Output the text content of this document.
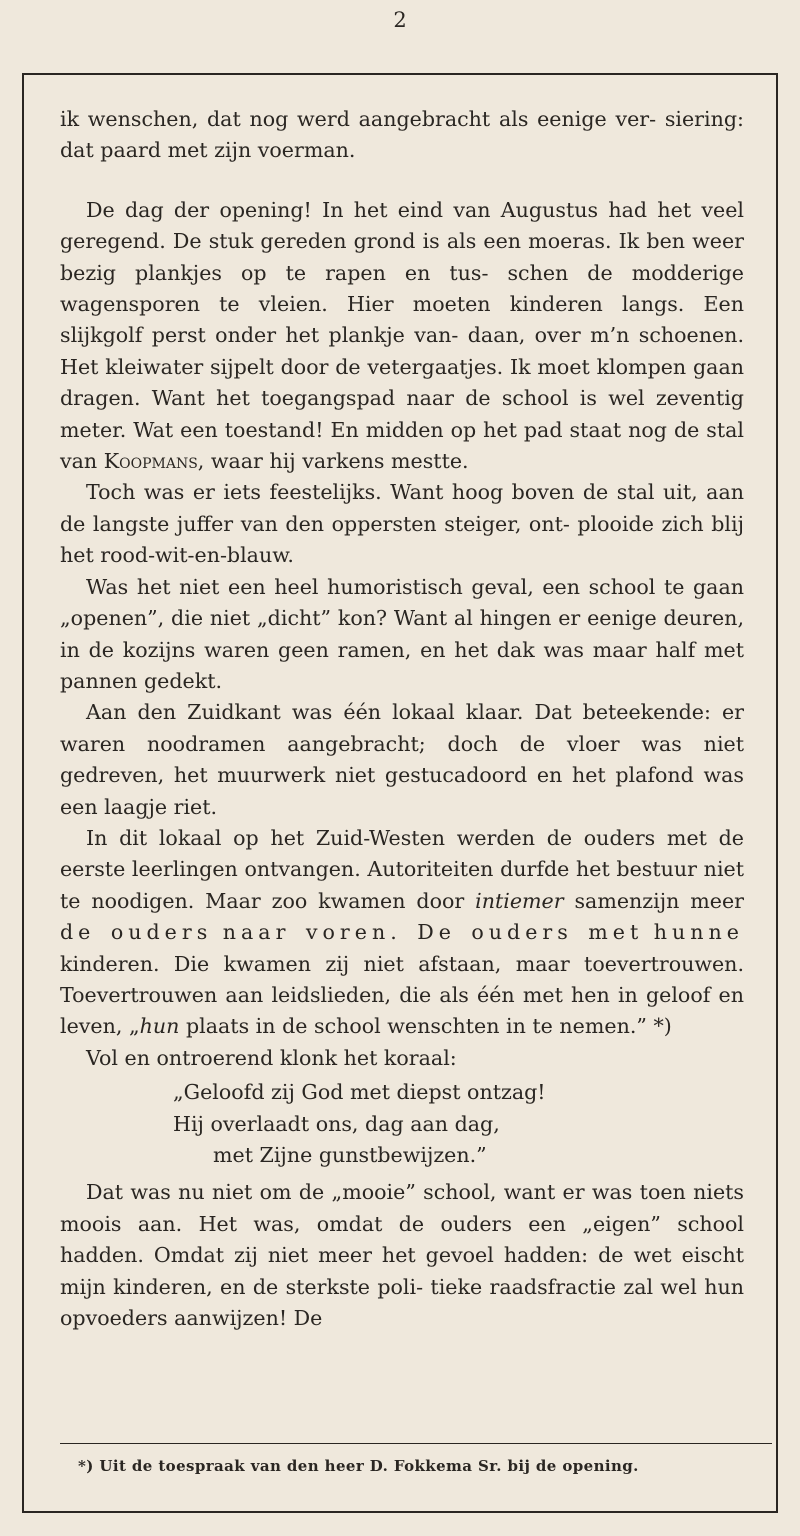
2

ik wenschen, dat nog werd aangebracht als eenige ver- siering: dat paard met zijn voerman.

De dag der opening! In het eind van Augustus had het veel geregend. De stuk gereden grond is als een moeras. Ik ben weer bezig plankjes op te rapen en tus- schen de modderige wagensporen te vleien. Hier moeten kinderen langs. Een slijkgolf perst onder het plankje van- daan, over m’n schoenen. Het kleiwater sijpelt door de vetergaatjes. Ik moet klompen gaan dragen. Want het toegangspad naar de school is wel zeventig meter. Wat een toestand! En midden op het pad staat nog de stal van Koopmans, waar hij varkens mestte.

Toch was er iets feestelijks. Want hoog boven de stal uit, aan de langste juffer van den oppersten steiger, ont- plooide zich blij het rood-wit-en-blauw.

Was het niet een heel humoristisch geval, een school te gaan „openen”, die niet „dicht” kon? Want al hingen er eenige deuren, in de kozijns waren geen ramen, en het dak was maar half met pannen gedekt.

Aan den Zuidkant was één lokaal klaar. Dat beteekende: er waren noodramen aangebracht; doch de vloer was niet gedreven, het muurwerk niet gestucadoord en het plafond was een laagje riet.

In dit lokaal op het Zuid-Westen werden de ouders met de eerste leerlingen ontvangen. Autoriteiten durfde het bestuur niet te noodigen. Maar zoo kwamen door intiemer samenzijn meer de ouders naar voren. De ouders met hunne kinderen. Die kwamen zij niet afstaan, maar toevertrouwen. Toevertrouwen aan leidslieden, die als één met hen in geloof en leven, „hun plaats in de school wenschten in te nemen.” *)

Vol en ontroerend klonk het koraal:

„Geloofd zij God met diepst ontzag!
Hij overlaadt ons, dag aan dag,
met Zijne gunstbewijzen.”

Dat was nu niet om de „mooie” school, want er was toen niets moois aan. Het was, omdat de ouders een „eigen” school hadden. Omdat zij niet meer het gevoel hadden: de wet eischt mijn kinderen, en de sterkste poli- tieke raadsfractie zal wel hun opvoeders aanwijzen! De

*) Uit de toespraak van den heer D. Fokkema Sr. bij de opening.
